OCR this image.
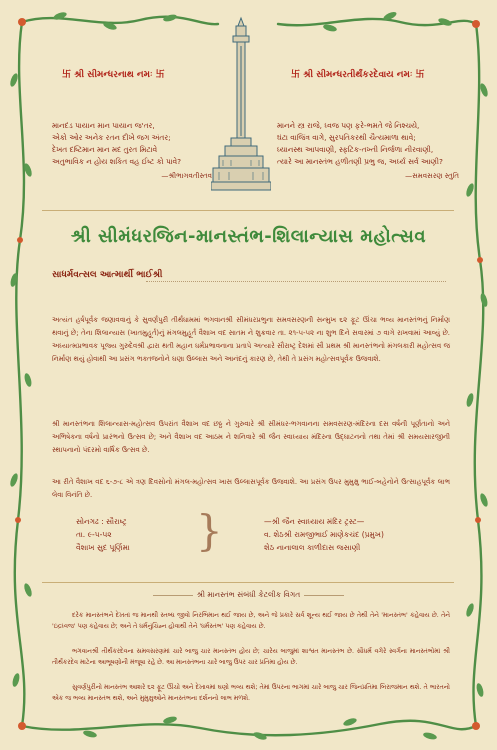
卐 શ્રી સીમન્ધરનાથ નમઃ 卐	卐 શ્રી સીમન્ધરતીર્થંકરદેવાય નમઃ 卐
માનદંડ પાયાન માન પાયાન જ'તર,
એકો ઓર અનેક રતન દીખે જગ અંતર;
દેખત દષ્ટિમાન માન મદ તુરત મિટાવે
અતુભાવિક ન હોય શકિત વહ ઈષ્ટ કો પાવે?
—શ્રીભાગવતીસ્તવ
માનને સ્ત્ર રાજે, ધ્વજ પણ ફરે-ભમતે જે નિશ્ચયે,
ઘંટા વાજિંત્ર વાગે, સુરપતિકરથી ચૈત્યમાળા થાવે;
ધ્યાનસ્થ આપવાણી, સ્ફટિક-તખ્તી નિર્જળા નીરવાણી,
ત્યારે આ માનસ્તંભ હળીતણી પ્રભુ જ, અર્ધ્ય સર્વ આણી?
—સમવસરણ સ્તુતિ
શ્રી સીમંધરજિન-માનસ્તંભ-શિલાન્યાસ મહોત્સવ
સાધર્મવત્સલ આત્માર્થી ભાઈશ્રી
અત્યંત હર્ષપૂર્વક જણાવવાનું કે સુવર્ણપુરી તીર્થધામમાં ભગવાનશ્રી સીમંધરપ્રભુના સમવસરણની સન્મુખ ૬૨ ફૂટ ઊંચા ભવ્ય માનસ્તંભનું નિર્માણ થવાનું છે; તેના શિલાન્યાસ (ખાતમુહૂર્ત)નું મંગલમુહૂર્ત વૈશાખ વદ સાતમ ને શુક્રવાર તા. ૨૧-૫-૫૨ ના શુભ દિને સવારમાં ૭ વાગે રાખવામાં આવ્યું છે. અધ્યાત્મપ્રભાવક પૂજ્ય ગુરુદેવશ્રી દ્વારા થતી મહાન ધર્મપ્રભાવનાના પ્રતાપે અત્યારે સૌરાષ્ટ્ર દેશમાં સૌ પ્રથમ શ્રી માનસ્તંભનો મંગલકારી મહોત્સવ જ નિર્માણ થયું હોવાથી આ પ્રસંગ ભક્તજનોને ઘણા ઉલ્લાસ અને આનંદનું કારણ છે, તેથી તે પ્રસંગ મહોત્સવપૂર્વક ઉજવાશે.
શ્રી માનસ્તંભના શિલાન્યાસ-મહોત્સવ ઉપરાંત વૈશાખ વદ છઠ્ઠ ને ગુરુવારે શ્રી સીમંધર-ભગવાનના સમવસરણ-મંદિરના દસ વર્ષની પૂર્ણતાનો અને અભિષેકના વર્ષનો પ્રારંભનો ઉત્સવ છે; અને વૈશાખ વદ આઠમ ને શનિવારે શ્રી જૈન સ્વાધ્યાય મંદિરના ઉદ્ઘાટનનો તથા તેમાં શ્રી સમયસારજીની સ્થાપનાનો પંદરમો વાર્ષિક ઉત્સવ છે.
આ રીતે વૈશાખ વદ ૬-૭-૮ એ ત્રણ દિવસોનો મંગલ-મહોત્સવ ખાસ ઉલ્લાસપૂર્વક ઉજવાશે. આ પ્રસંગ ઉપર મુમુક્ષુ ભાઈ-બહેનોને ઉત્સાહપૂર્વક લાભ લેવા વિનંતિ છે.
સોનગઢ : સૌરાષ્ટ્ર
તા. ૯-૫-૫૨
વૈશાખ સુદ પૂર્ણિમા }	—શ્રી જૈન સ્વાધ્યાય મંદિર ટ્રસ્ટ—
વ. શેઠશ્રી રામજીભાઈ માણેકચંદ (પ્રમુખ)
શેઠ નાનાલાલ કાળીદાસ જસાણી
શ્રી માનસ્તંભ સંબંધી કેટલીક વિગત
દરેક માનસ્તંભને દેખતાં જ માનથી સ્તબ્ધ જીવો નિરભિમાન થઈ જાય છે, અને જે પ્રકારે સર્વ શૂન્ય થઈ જાય છે તેથી તેને 'માનસ્તંભ' કહેવાય છે. તેને 'ઇંદ્રધ્વજ' પણ કહેવાય છે; અને તે ધર્મનુંચિહ્ન હોવાથી તેને 'ધર્મસ્તંભ' પણ કહેવાય છે.
ભગવાનશ્રી તીર્થંકરદેવના સમવસરણમાં ચારે બાજુ ચાર માનસ્તંભ હોય છે; ચારેય બાજુમાં શાશ્વત માનસ્તંભ છે. સૌધર્મ વગેરે સ્વર્ગના માનસ્તંભોમાં શ્રી તીર્થંકરદેવ માટેના આભૂષણોની મંજૂષા રહે છે. આ માનસ્તંભના ચારે બાજુ ઉપર ચાર પ્રતિમા હોય છે.
સુવર્ણપુરીનો માનસ્તંભ આશરે ૬૨ ફૂટ ઊંચો અને દેખાવમાં ઘણો ભવ્ય થશે; તેમાં ઉપરના ભાગમાં ચારે બાજુ ચાર જિનપ્રતિમા બિરાજમાન થશે. તે ભારતનો એક જ ભવ્ય માનસ્તંભ થશે, અને મુમુક્ષુઓને માનસ્તંભના દર્શનનો લાભ મળશે.
